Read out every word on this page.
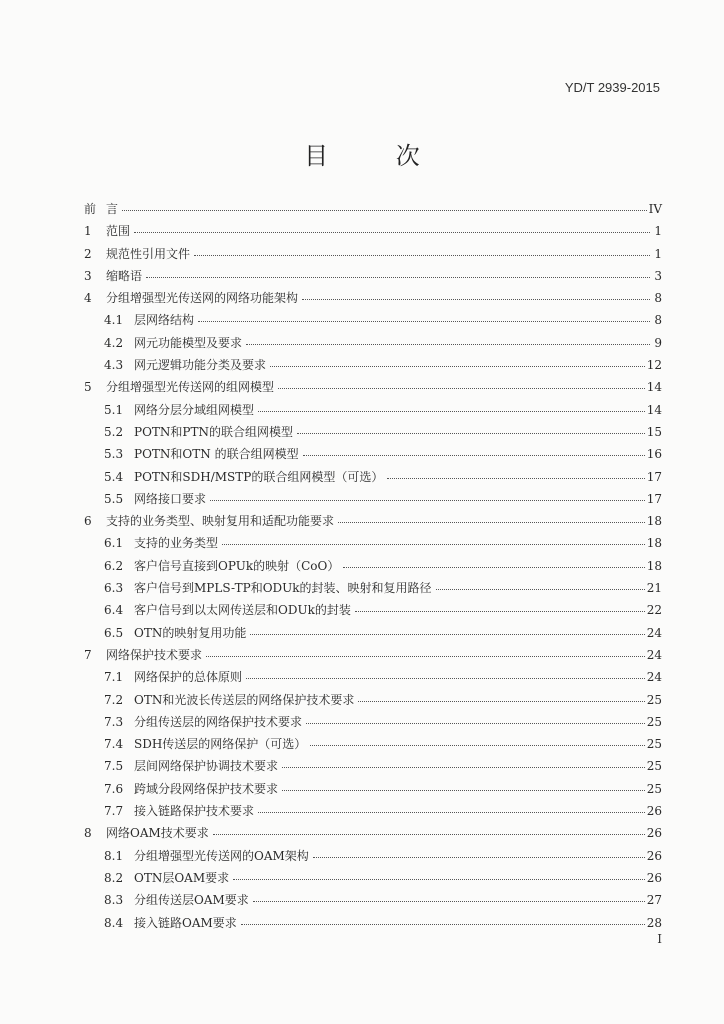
YD/T 2939-2015
目 次
前 言	IV
1	范围	1
2	规范性引用文件	1
3	缩略语	3
4	分组增强型光传送网的网络功能架构	8
4.1 层网络结构	8
4.2 网元功能模型及要求	9
4.3 网元逻辑功能分类及要求	12
5	分组增强型光传送网的组网模型	14
5.1 网络分层分域组网模型	14
5.2 POTN和PTN的联合组网模型	15
5.3 POTN和OTN 的联合组网模型	16
5.4 POTN和SDH/MSTP的联合组网模型（可选）	17
5.5 网络接口要求	17
6	支持的业务类型、映射复用和适配功能要求	18
6.1 支持的业务类型	18
6.2 客户信号直接到OPUk的映射（CoO）	18
6.3 客户信号到MPLS-TP和ODUk的封装、映射和复用路径	21
6.4 客户信号到以太网传送层和ODUk的封装	22
6.5 OTN的映射复用功能	24
7	网络保护技术要求	24
7.1 网络保护的总体原则	24
7.2 OTN和光波长传送层的网络保护技术要求	25
7.3 分组传送层的网络保护技术要求	25
7.4 SDH传送层的网络保护（可选）	25
7.5 层间网络保护协调技术要求	25
7.6 跨域分段网络保护技术要求	25
7.7 接入链路保护技术要求	26
8	网络OAM技术要求	26
8.1 分组增强型光传送网的OAM架构	26
8.2 OTN层OAM要求	26
8.3 分组传送层OAM要求	27
8.4 接入链路OAM要求	28
I
